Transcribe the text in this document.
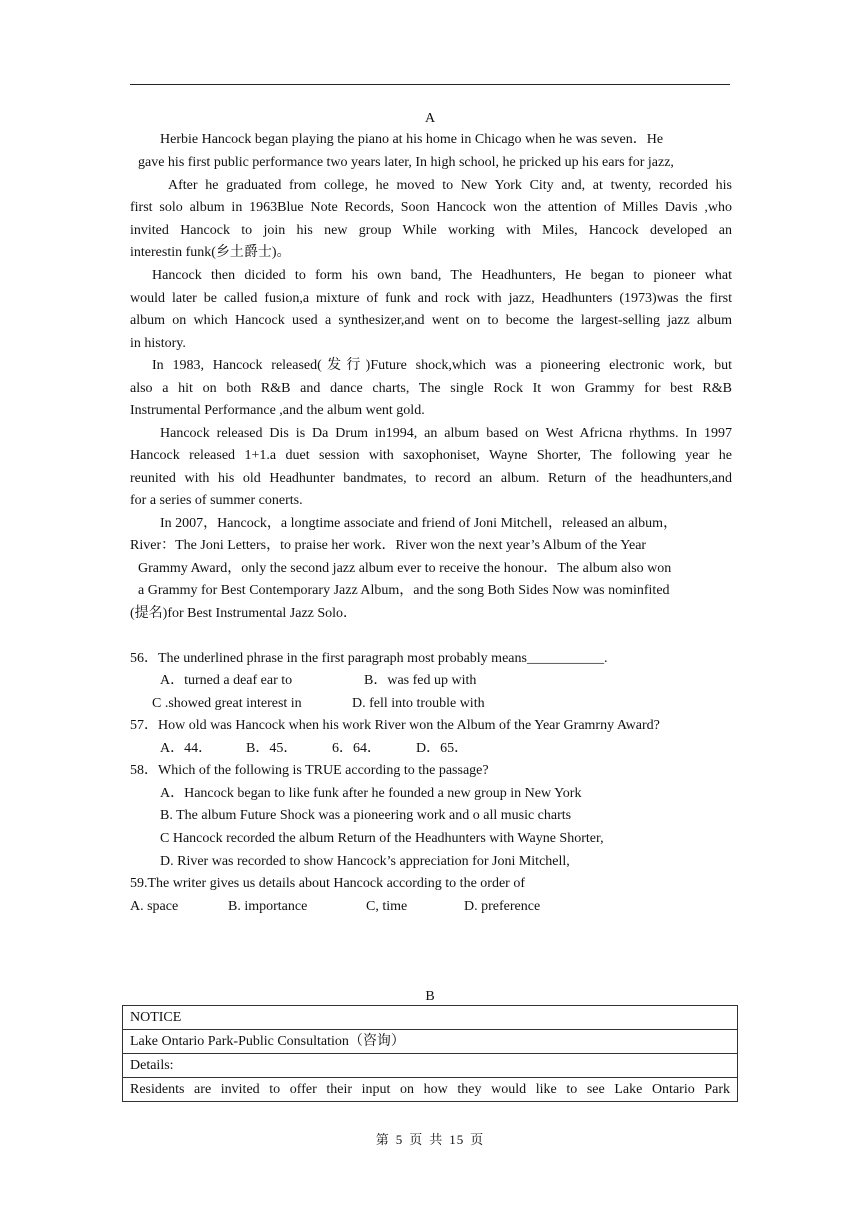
A
Herbie Hancock began playing the piano at his home in Chicago when he was seven．He
gave his first public performance two years later, In high school, he pricked up his ears for jazz,
After he graduated from college, he moved to New York City and, at twenty, recorded his
first solo album in 1963Blue Note Records, Soon Hancock won the attention of Milles Davis ,who
invited Hancock to join his new group While working with Miles, Hancock developed an
interestin funk(乡土爵士)。
Hancock then dicided to form his own band, The Headhunters, He began to pioneer what
would later be called fusion,a mixture of funk and rock with jazz, Headhunters (1973)was the first
album on which Hancock used a synthesizer,and went on to become the largest-selling jazz album
in history.
In 1983, Hancock released(发行)Future shock,which was a pioneering electronic work, but
also a hit on both R&B and dance charts, The single Rock It won Grammy for best R&B
Instrumental Performance ,and the album went gold.
Hancock released Dis is Da Drum in1994, an album based on West Africna rhythms. In 1997
Hancock released 1+1.a duet session with saxophoniset, Wayne Shorter, The following year he
reunited with his old Headhunter bandmates, to record an album. Return of the headhunters,and
for a series of summer conerts.
In 2007，Hancock，a longtime associate and friend of Joni Mitchell，released an album，
River：The Joni Letters，to praise her work．River won the next year’s Album of the Year
Grammy Award，only the second jazz album ever to receive the honour．The album also won
a Grammy for Best Contemporary Jazz Album，and the song Both Sides Now was nominfited
(提名)for Best Instrumental Jazz Solo．
56．The underlined phrase in the first paragraph most probably means___________.
A．turned a deaf ear to	B．was fed up with
C .showed great interest in	D. fell into trouble with
57．How old was Hancock when his work River won the Album of the Year Gramrny Award?
A．44． B．45． 6．64．	D．65．
58．Which of the following is TRUE according to the passage?
A．Hancock began to like funk after he founded a new group in New York
B. The album Future Shock was a pioneering work and o all music charts
C Hancock recorded the album Return of the Headhunters with Wayne Shorter,
D. River was recorded to show Hancock’s appreciation for Joni Mitchell,
59.The writer gives us details about Hancock according to the order of
A. space	B. importance	C, time	D. preference
B
NOTICE
Lake Ontario Park-Public Consultation（咨询）
Details:
Residents are invited to offer their input on how they would like to see Lake Ontario Park
第 5 页 共 15 页
